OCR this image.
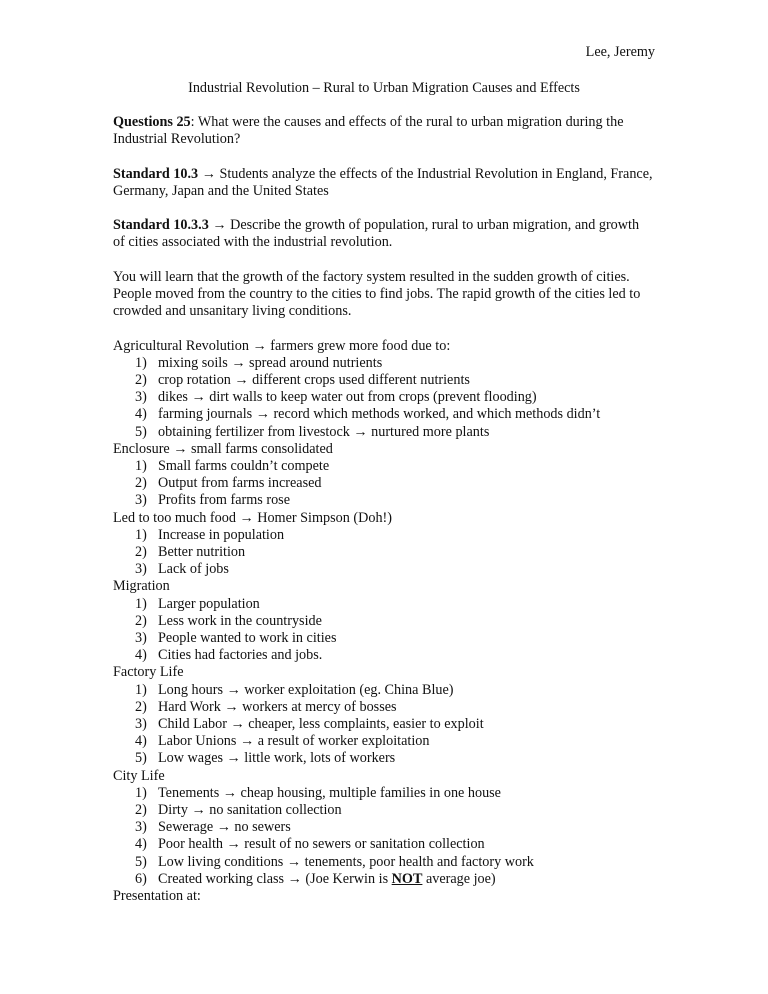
Lee, Jeremy
Industrial Revolution – Rural to Urban Migration Causes and Effects

Questions 25: What were the causes and effects of the rural to urban migration during the Industrial Revolution?

Standard 10.3 → Students analyze the effects of the Industrial Revolution in England, France, Germany, Japan and the United States

Standard 10.3.3 → Describe the growth of population, rural to urban migration, and growth of cities associated with the industrial revolution.

You will learn that the growth of the factory system resulted in the sudden growth of cities. People moved from the country to the cities to find jobs. The rapid growth of the cities led to crowded and unsanitary living conditions.

Agricultural Revolution → farmers grew more food due to:
1) mixing soils → spread around nutrients
2) crop rotation → different crops used different nutrients
3) dikes → dirt walls to keep water out from crops (prevent flooding)
4) farming journals → record which methods worked, and which methods didn’t
5) obtaining fertilizer from livestock → nurtured more plants
Enclosure → small farms consolidated
1) Small farms couldn’t compete
2) Output from farms increased
3) Profits from farms rose
Led to too much food → Homer Simpson (Doh!)
1) Increase in population
2) Better nutrition
3) Lack of jobs
Migration
1) Larger population
2) Less work in the countryside
3) People wanted to work in cities
4) Cities had factories and jobs.
Factory Life
1) Long hours → worker exploitation (eg. China Blue)
2) Hard Work → workers at mercy of bosses
3) Child Labor → cheaper, less complaints, easier to exploit
4) Labor Unions → a result of worker exploitation
5) Low wages → little work, lots of workers
City Life
1) Tenements → cheap housing, multiple families in one house
2) Dirty → no sanitation collection
3) Sewerage → no sewers
4) Poor health → result of no sewers or sanitation collection
5) Low living conditions → tenements, poor health and factory work
6) Created working class → (Joe Kerwin is NOT average joe)
Presentation at:
